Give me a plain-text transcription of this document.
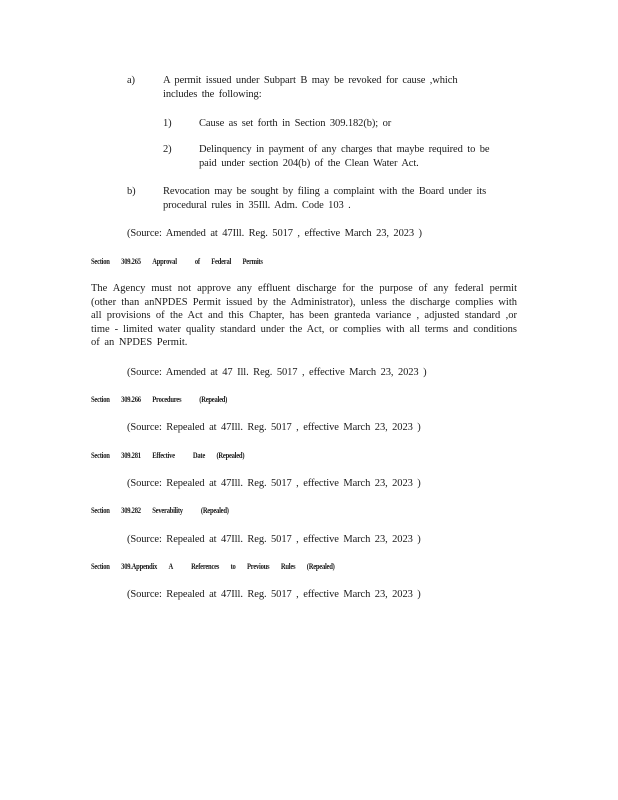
a)	A permit issued under Subpart B may be revoked for cause ,which
includes the following:
1)	Cause as set forth in Section 309.182(b); or
2)	Delinquency in payment of any charges that maybe required to be
paid under section 204(b) of the Clean Water Act.
b)	Revocation may be sought by filing a complaint with the Board under its
procedural rules in 35Ill. Adm. Code 103 .
(Source: Amended at 47Ill. Reg. 5017 , effective March 23, 2023 )
Section 309.265 Approval of Federal Permits
The Agency must not approve any effluent discharge for the purpose of any federal permit (other than anNPDES Permit issued by the Administrator), unless the discharge complies with all provisions of the Act and this Chapter, has been granteda variance , adjusted standard ,or time - limited water quality standard under the Act, or complies with all terms and conditions of an NPDES Permit.
(Source: Amended at 47 Ill. Reg. 5017 , effective March 23, 2023 )
Section 309.266 Procedures (Repealed)
(Source: Repealed at 47Ill. Reg. 5017 , effective March 23, 2023 )
Section 309.281 Effective Date (Repealed)
(Source: Repealed at 47Ill. Reg. 5017 , effective March 23, 2023 )
Section 309.282 Severability (Repealed)
(Source: Repealed at 47Ill. Reg. 5017 , effective March 23, 2023 )
Section 309.Appendix A References to Previous Rules (Repealed)
(Source: Repealed at 47Ill. Reg. 5017 , effective March 23, 2023 )
